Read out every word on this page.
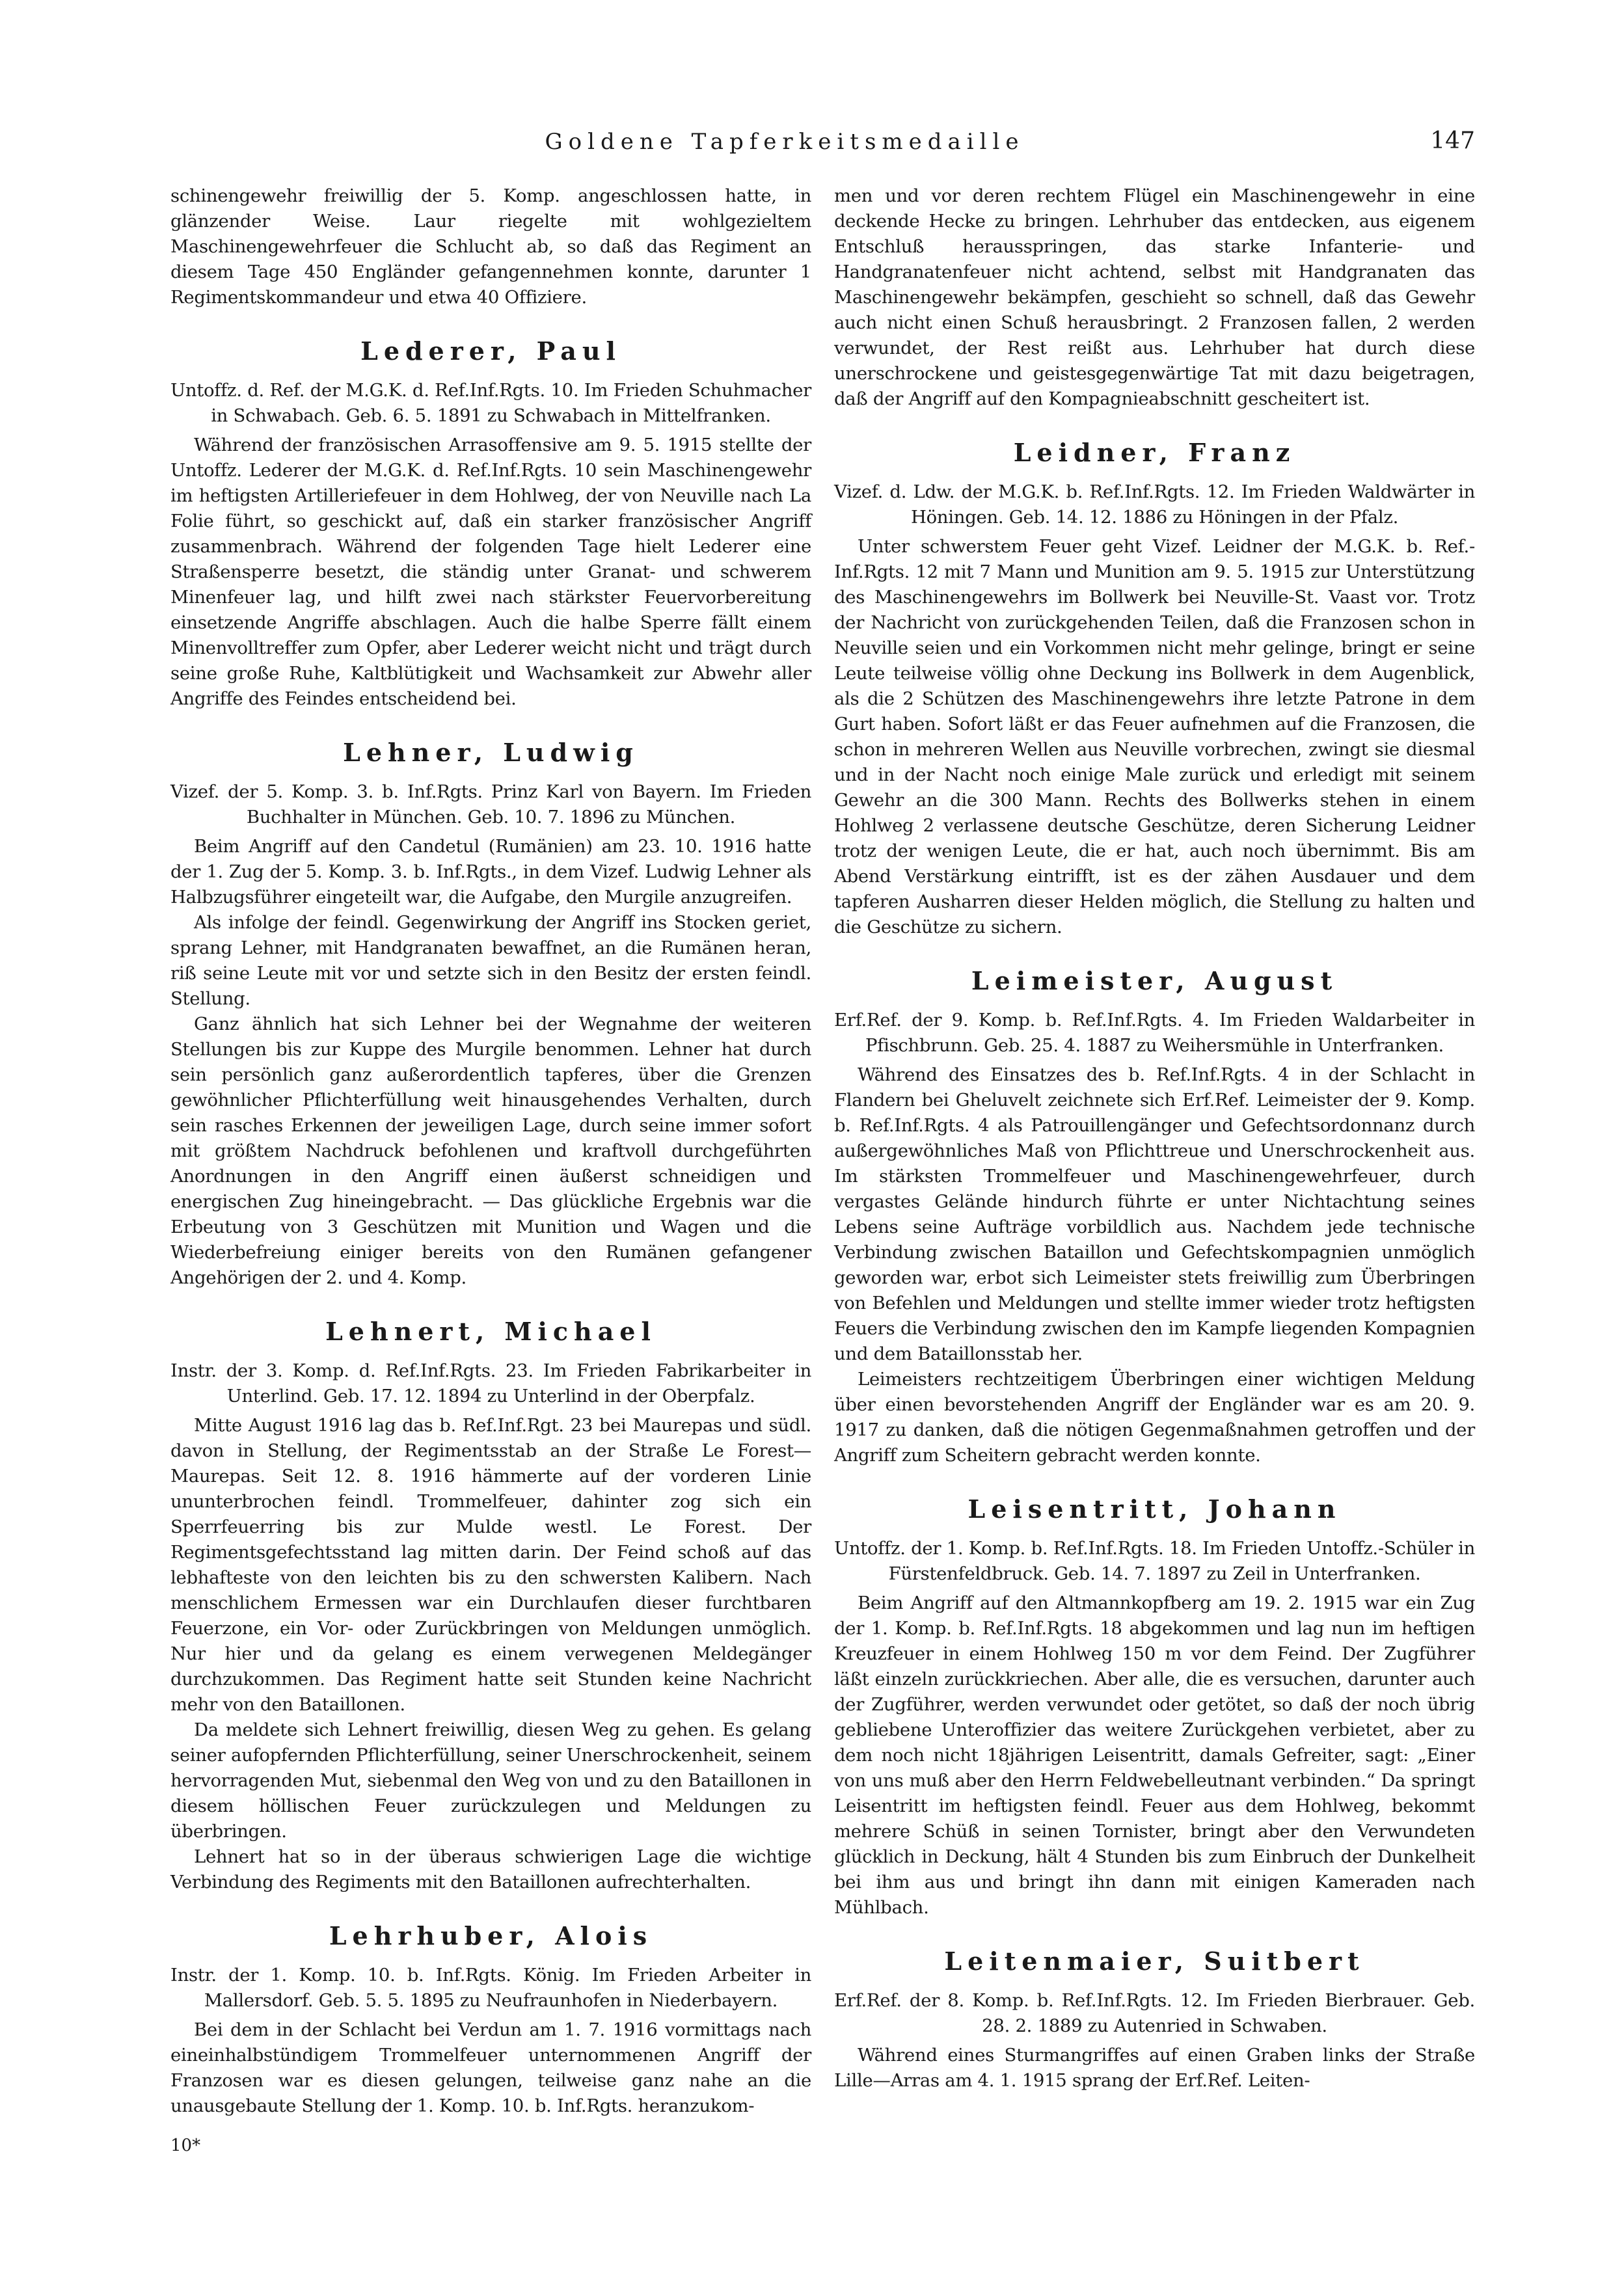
Goldene Tapferkeitsmedaille	147

schinengewehr freiwillig der 5. Komp. angeschlossen hatte, in glänzender Weise. Laur riegelte mit wohlgezieltem Maschinengewehrfeuer die Schlucht ab, so daß das Regiment an diesem Tage 450 Engländer gefangennehmen konnte, darunter 1 Regimentskommandeur und etwa 40 Offiziere.

Lederer, Paul

Untoffz. d. Ref. der M.G.K. d. Ref.Inf.Rgts. 10. Im Frieden Schuhmacher in Schwabach. Geb. 6. 5. 1891 zu Schwabach in Mittelfranken.

Während der französischen Arrasoffensive am 9. 5. 1915 stellte der Untoffz. Lederer der M.G.K. d. Ref.Inf.Rgts. 10 sein Maschinengewehr im heftigsten Artilleriefeuer in dem Hohlweg, der von Neuville nach La Folie führt, so geschickt auf, daß ein starker französischer Angriff zusammenbrach. Während der folgenden Tage hielt Lederer eine Straßensperre besetzt, die ständig unter Granat- und schwerem Minenfeuer lag, und hilft zwei nach stärkster Feuervorbereitung einsetzende Angriffe abschlagen. Auch die halbe Sperre fällt einem Minenvolltreffer zum Opfer, aber Lederer weicht nicht und trägt durch seine große Ruhe, Kaltblütigkeit und Wachsamkeit zur Abwehr aller Angriffe des Feindes entscheidend bei.

Lehner, Ludwig

Vizef. der 5. Komp. 3. b. Inf.Rgts. Prinz Karl von Bayern. Im Frieden Buchhalter in München. Geb. 10. 7. 1896 zu München.

Beim Angriff auf den Candetul (Rumänien) am 23. 10. 1916 hatte der 1. Zug der 5. Komp. 3. b. Inf.Rgts., in dem Vizef. Ludwig Lehner als Halbzugsführer eingeteilt war, die Aufgabe, den Murgile anzugreifen.

Als infolge der feindl. Gegenwirkung der Angriff ins Stocken geriet, sprang Lehner, mit Handgranaten bewaffnet, an die Rumänen heran, riß seine Leute mit vor und setzte sich in den Besitz der ersten feindl. Stellung.

Ganz ähnlich hat sich Lehner bei der Wegnahme der weiteren Stellungen bis zur Kuppe des Murgile benommen. Lehner hat durch sein persönlich ganz außerordentlich tapferes, über die Grenzen gewöhnlicher Pflichterfüllung weit hinausgehendes Verhalten, durch sein rasches Erkennen der jeweiligen Lage, durch seine immer sofort mit größtem Nachdruck befohlenen und kraftvoll durchgeführten Anordnungen in den Angriff einen äußerst schneidigen und energischen Zug hineingebracht. — Das glückliche Ergebnis war die Erbeutung von 3 Geschützen mit Munition und Wagen und die Wiederbefreiung einiger bereits von den Rumänen gefangener Angehörigen der 2. und 4. Komp.

Lehnert, Michael

Instr. der 3. Komp. d. Ref.Inf.Rgts. 23. Im Frieden Fabrikarbeiter in Unterlind. Geb. 17. 12. 1894 zu Unterlind in der Oberpfalz.

Mitte August 1916 lag das b. Ref.Inf.Rgt. 23 bei Maurepas und südl. davon in Stellung, der Regimentsstab an der Straße Le Forest—Maurepas. Seit 12. 8. 1916 hämmerte auf der vorderen Linie ununterbrochen feindl. Trommelfeuer, dahinter zog sich ein Sperrfeuerring bis zur Mulde westl. Le Forest. Der Regimentsgefechtsstand lag mitten darin. Der Feind schoß auf das lebhafteste von den leichten bis zu den schwersten Kalibern. Nach menschlichem Ermessen war ein Durchlaufen dieser furchtbaren Feuerzone, ein Vor- oder Zurückbringen von Meldungen unmöglich. Nur hier und da gelang es einem verwegenen Meldegänger durchzukommen. Das Regiment hatte seit Stunden keine Nachricht mehr von den Bataillonen.

Da meldete sich Lehnert freiwillig, diesen Weg zu gehen. Es gelang seiner aufopfernden Pflichterfüllung, seiner Unerschrockenheit, seinem hervorragenden Mut, siebenmal den Weg von und zu den Bataillonen in diesem höllischen Feuer zurückzulegen und Meldungen zu überbringen.

Lehnert hat so in der überaus schwierigen Lage die wichtige Verbindung des Regiments mit den Bataillonen aufrechterhalten.

Lehrhuber, Alois

Instr. der 1. Komp. 10. b. Inf.Rgts. König. Im Frieden Arbeiter in Mallersdorf. Geb. 5. 5. 1895 zu Neufraunhofen in Niederbayern.

Bei dem in der Schlacht bei Verdun am 1. 7. 1916 vormittags nach eineinhalbstündigem Trommelfeuer unternommenen Angriff der Franzosen war es diesen gelungen, teilweise ganz nahe an die unausgebaute Stellung der 1. Komp. 10. b. Inf.Rgts. heranzukom-

10*

men und vor deren rechtem Flügel ein Maschinengewehr in eine deckende Hecke zu bringen. Lehrhuber das entdecken, aus eigenem Entschluß herausspringen, das starke Infanterie- und Handgranatenfeuer nicht achtend, selbst mit Handgranaten das Maschinengewehr bekämpfen, geschieht so schnell, daß das Gewehr auch nicht einen Schuß herausbringt. 2 Franzosen fallen, 2 werden verwundet, der Rest reißt aus. Lehrhuber hat durch diese unerschrockene und geistesgegenwärtige Tat mit dazu beigetragen, daß der Angriff auf den Kompagnieabschnitt gescheitert ist.

Leidner, Franz

Vizef. d. Ldw. der M.G.K. b. Ref.Inf.Rgts. 12. Im Frieden Waldwärter in Höningen. Geb. 14. 12. 1886 zu Höningen in der Pfalz.

Unter schwerstem Feuer geht Vizef. Leidner der M.G.K. b. Ref.-Inf.Rgts. 12 mit 7 Mann und Munition am 9. 5. 1915 zur Unterstützung des Maschinengewehrs im Bollwerk bei Neuville-St. Vaast vor. Trotz der Nachricht von zurückgehenden Teilen, daß die Franzosen schon in Neuville seien und ein Vorkommen nicht mehr gelinge, bringt er seine Leute teilweise völlig ohne Deckung ins Bollwerk in dem Augenblick, als die 2 Schützen des Maschinengewehrs ihre letzte Patrone in dem Gurt haben. Sofort läßt er das Feuer aufnehmen auf die Franzosen, die schon in mehreren Wellen aus Neuville vorbrechen, zwingt sie diesmal und in der Nacht noch einige Male zurück und erledigt mit seinem Gewehr an die 300 Mann. Rechts des Bollwerks stehen in einem Hohlweg 2 verlassene deutsche Geschütze, deren Sicherung Leidner trotz der wenigen Leute, die er hat, auch noch übernimmt. Bis am Abend Verstärkung eintrifft, ist es der zähen Ausdauer und dem tapferen Ausharren dieser Helden möglich, die Stellung zu halten und die Geschütze zu sichern.

Leimeister, August

Erf.Ref. der 9. Komp. b. Ref.Inf.Rgts. 4. Im Frieden Waldarbeiter in Pfischbrunn. Geb. 25. 4. 1887 zu Weihersmühle in Unterfranken.

Während des Einsatzes des b. Ref.Inf.Rgts. 4 in der Schlacht in Flandern bei Gheluvelt zeichnete sich Erf.Ref. Leimeister der 9. Komp. b. Ref.Inf.Rgts. 4 als Patrouillengänger und Gefechtsordonnanz durch außergewöhnliches Maß von Pflichttreue und Unerschrockenheit aus. Im stärksten Trommelfeuer und Maschinengewehrfeuer, durch vergastes Gelände hindurch führte er unter Nichtachtung seines Lebens seine Aufträge vorbildlich aus. Nachdem jede technische Verbindung zwischen Bataillon und Gefechtskompagnien unmöglich geworden war, erbot sich Leimeister stets freiwillig zum Überbringen von Befehlen und Meldungen und stellte immer wieder trotz heftigsten Feuers die Verbindung zwischen den im Kampfe liegenden Kompagnien und dem Bataillonsstab her.

Leimeisters rechtzeitigem Überbringen einer wichtigen Meldung über einen bevorstehenden Angriff der Engländer war es am 20. 9. 1917 zu danken, daß die nötigen Gegenmaßnahmen getroffen und der Angriff zum Scheitern gebracht werden konnte.

Leisentritt, Johann

Untoffz. der 1. Komp. b. Ref.Inf.Rgts. 18. Im Frieden Untoffz.-Schüler in Fürstenfeldbruck. Geb. 14. 7. 1897 zu Zeil in Unterfranken.

Beim Angriff auf den Altmannkopfberg am 19. 2. 1915 war ein Zug der 1. Komp. b. Ref.Inf.Rgts. 18 abgekommen und lag nun im heftigen Kreuzfeuer in einem Hohlweg 150 m vor dem Feind. Der Zugführer läßt einzeln zurückkriechen. Aber alle, die es versuchen, darunter auch der Zugführer, werden verwundet oder getötet, so daß der noch übrig gebliebene Unteroffizier das weitere Zurückgehen verbietet, aber zu dem noch nicht 18jährigen Leisentritt, damals Gefreiter, sagt: „Einer von uns muß aber den Herrn Feldwebelleutnant verbinden.“ Da springt Leisentritt im heftigsten feindl. Feuer aus dem Hohlweg, bekommt mehrere Schüß in seinen Tornister, bringt aber den Verwundeten glücklich in Deckung, hält 4 Stunden bis zum Einbruch der Dunkelheit bei ihm aus und bringt ihn dann mit einigen Kameraden nach Mühlbach.

Leitenmaier, Suitbert

Erf.Ref. der 8. Komp. b. Ref.Inf.Rgts. 12. Im Frieden Bierbrauer. Geb. 28. 2. 1889 zu Autenried in Schwaben.

Während eines Sturmangriffes auf einen Graben links der Straße Lille—Arras am 4. 1. 1915 sprang der Erf.Ref. Leiten-
